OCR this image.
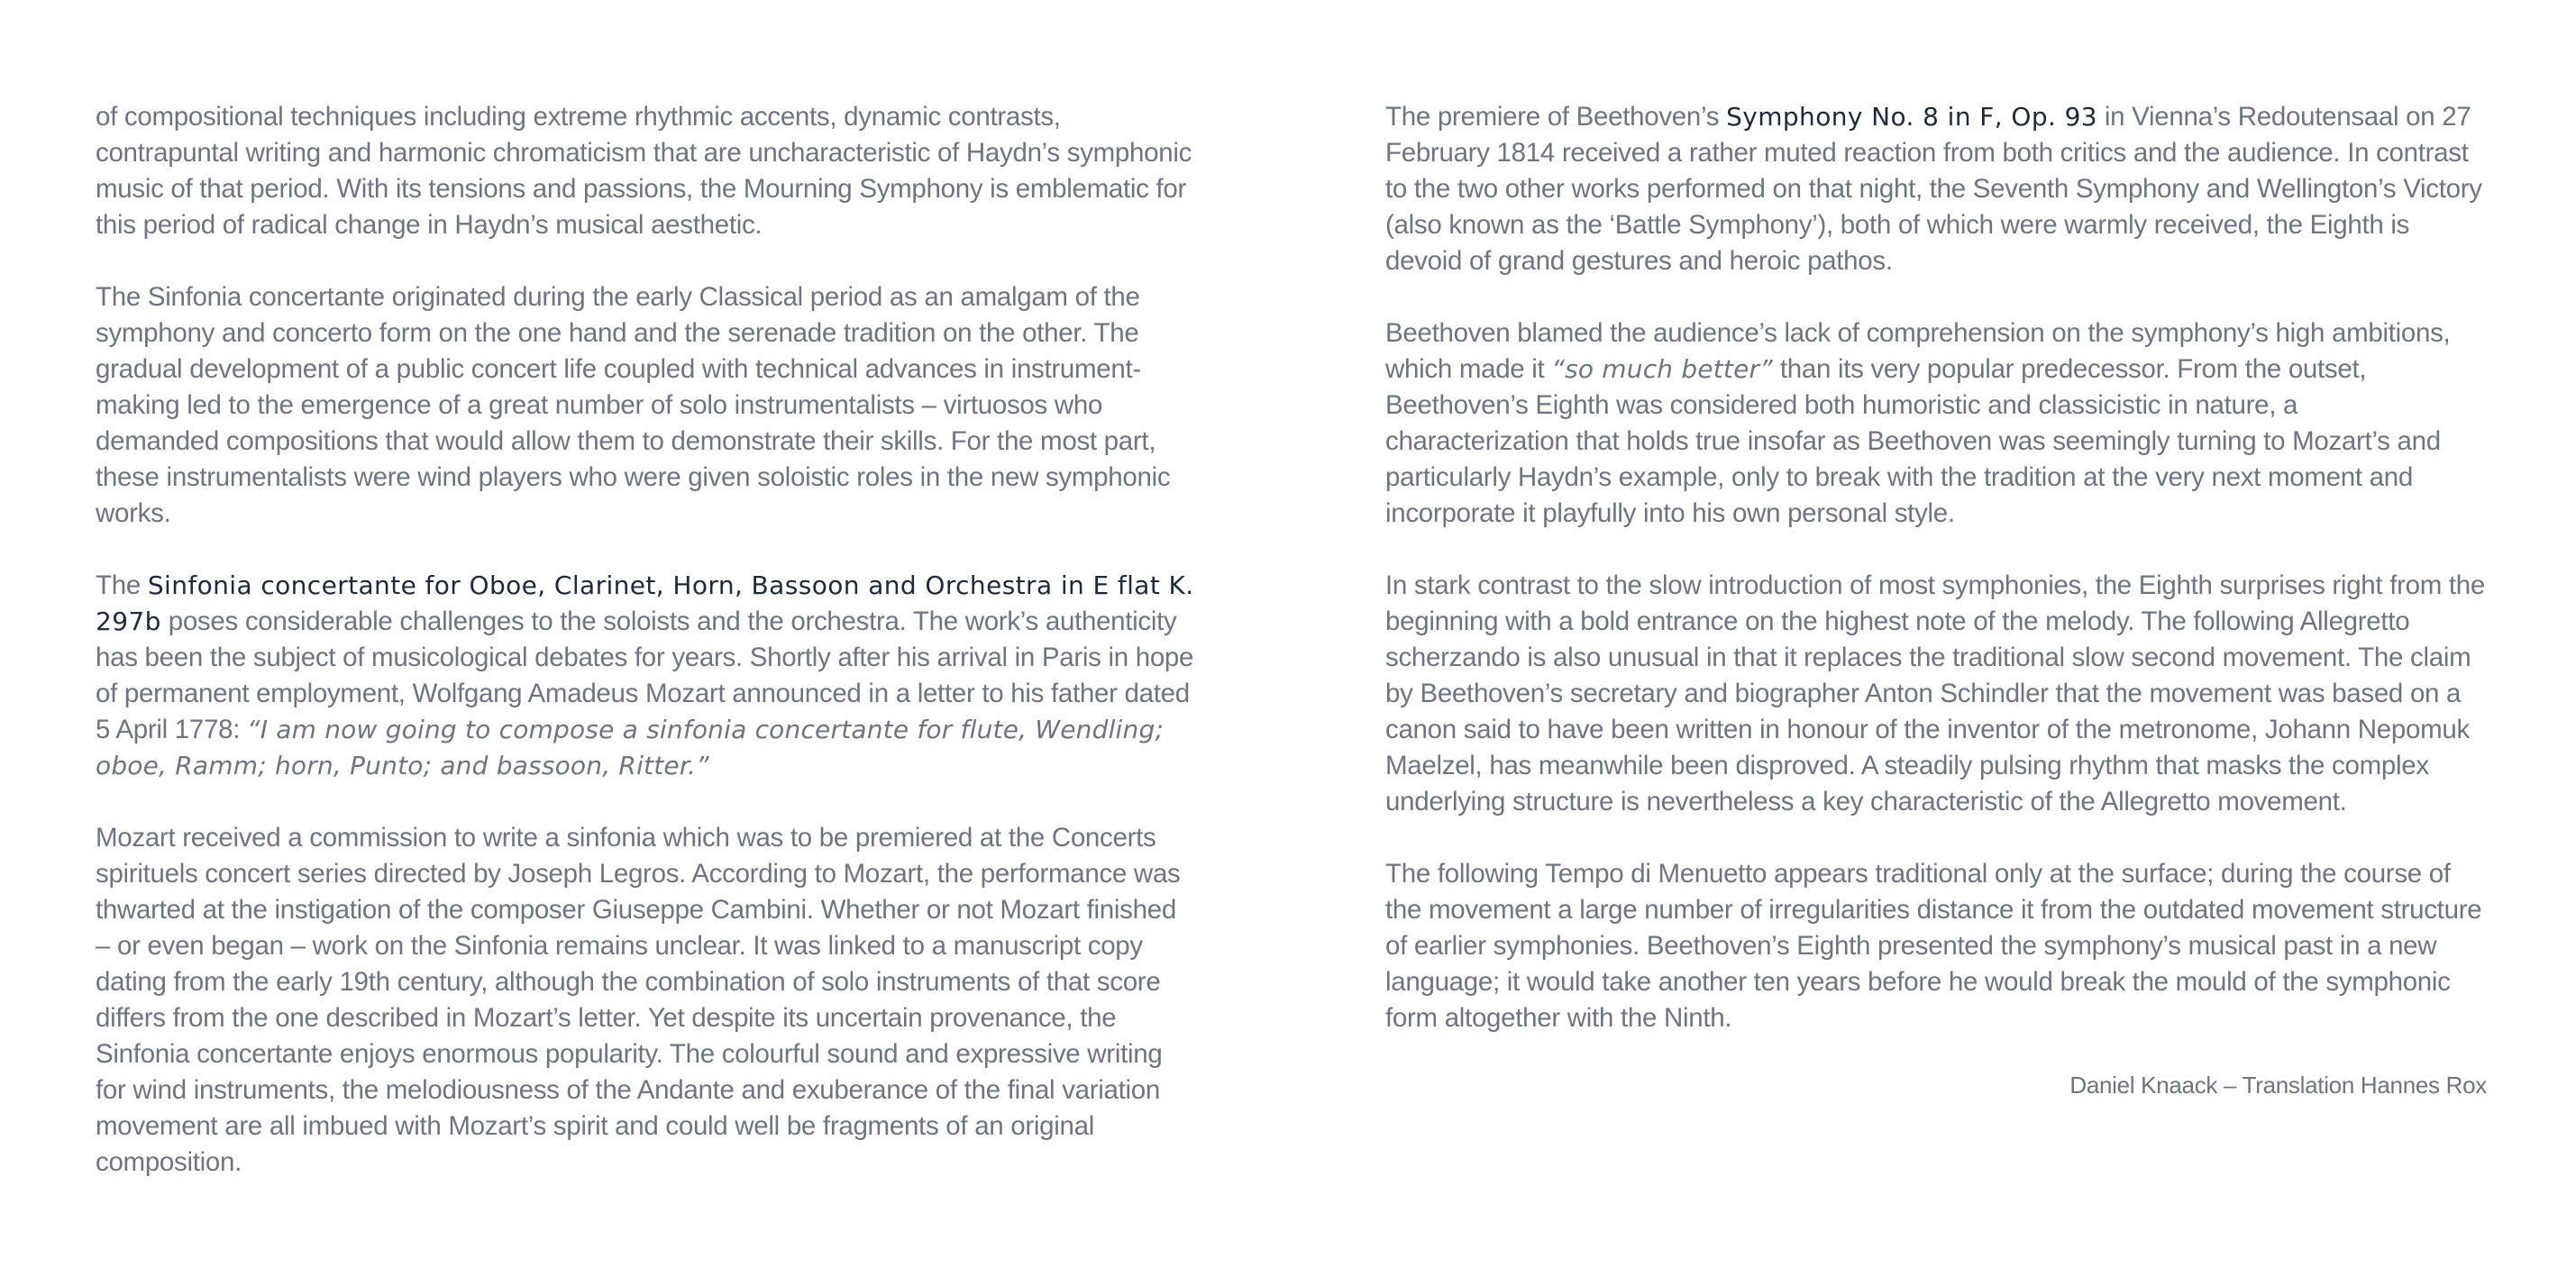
of compositional techniques including extreme rhythmic accents, dynamic contrasts, contrapuntal writing and harmonic chromaticism that are uncharacteristic of Haydn’s symphonic music of that period. With its tensions and passions, the Mourning Symphony is emblematic for this period of radical change in Haydn’s musical aesthetic.

The Sinfonia concertante originated during the early Classical period as an amalgam of the symphony and concerto form on the one hand and the serenade tradition on the other. The gradual development of a public concert life coupled with technical advances in instrument-making led to the emergence of a great number of solo instrumentalists – virtuosos who demanded compositions that would allow them to demonstrate their skills. For the most part, these instrumentalists were wind players who were given soloistic roles in the new symphonic works.

The Sinfonia concertante for Oboe, Clarinet, Horn, Bassoon and Orchestra in E flat K. 297b poses considerable challenges to the soloists and the orchestra. The work’s authenticity has been the subject of musicological debates for years. Shortly after his arrival in Paris in hope of permanent employment, Wolfgang Amadeus Mozart announced in a letter to his father dated 5 April 1778: “I am now going to compose a sinfonia concertante for flute, Wendling; oboe, Ramm; horn, Punto; and bassoon, Ritter.”

Mozart received a commission to write a sinfonia which was to be premiered at the Concerts spirituels concert series directed by Joseph Legros. According to Mozart, the performance was thwarted at the instigation of the composer Giuseppe Cambini. Whether or not Mozart finished – or even began – work on the Sinfonia remains unclear. It was linked to a manuscript copy dating from the early 19th century, although the combination of solo instruments of that score differs from the one described in Mozart’s letter. Yet despite its uncertain provenance, the Sinfonia concertante enjoys enormous popularity. The colourful sound and expressive writing for wind instruments, the melodiousness of the Andante and exuberance of the final variation movement are all imbued with Mozart’s spirit and could well be fragments of an original composition.

The premiere of Beethoven’s Symphony No. 8 in F, Op. 93 in Vienna’s Redoutensaal on 27 February 1814 received a rather muted reaction from both critics and the audience. In contrast to the two other works performed on that night, the Seventh Symphony and Wellington’s Victory (also known as the ‘Battle Symphony’), both of which were warmly received, the Eighth is devoid of grand gestures and heroic pathos.

Beethoven blamed the audience’s lack of comprehension on the symphony’s high ambitions, which made it “so much better” than its very popular predecessor. From the outset, Beethoven’s Eighth was considered both humoristic and classicistic in nature, a characterization that holds true insofar as Beethoven was seemingly turning to Mozart’s and particularly Haydn’s example, only to break with the tradition at the very next moment and incorporate it playfully into his own personal style.

In stark contrast to the slow introduction of most symphonies, the Eighth surprises right from the beginning with a bold entrance on the highest note of the melody. The following Allegretto scherzando is also unusual in that it replaces the traditional slow second movement. The claim by Beethoven’s secretary and biographer Anton Schindler that the movement was based on a canon said to have been written in honour of the inventor of the metronome, Johann Nepomuk Maelzel, has meanwhile been disproved. A steadily pulsing rhythm that masks the complex underlying structure is nevertheless a key characteristic of the Allegretto movement.

The following Tempo di Menuetto appears traditional only at the surface; during the course of the movement a large number of irregularities distance it from the outdated movement structure of earlier symphonies. Beethoven’s Eighth presented the symphony’s musical past in a new language; it would take another ten years before he would break the mould of the symphonic form altogether with the Ninth.

Daniel Knaack – Translation Hannes Rox
